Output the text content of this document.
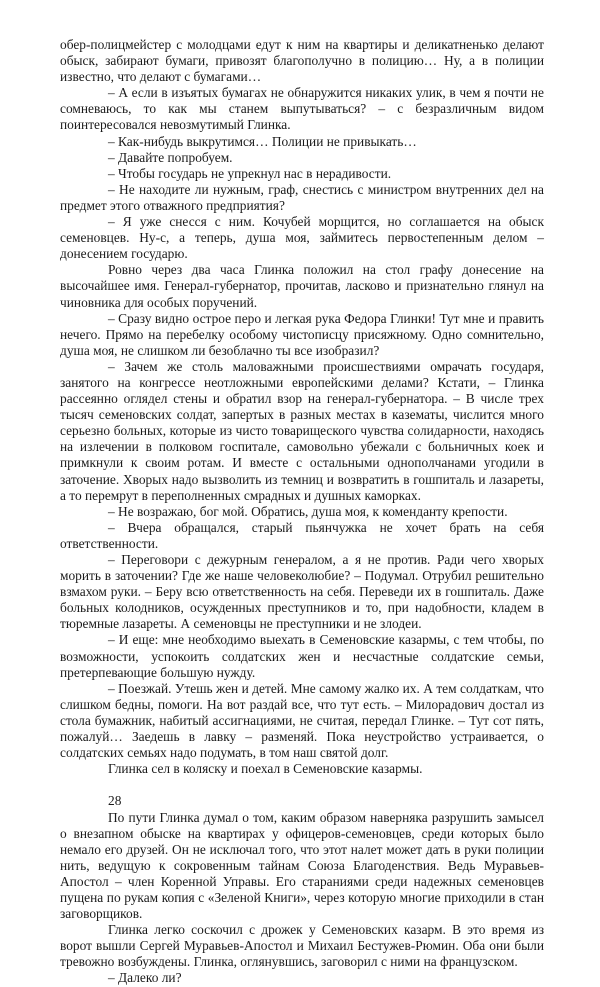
обер-полицмейстер с молодцами едут к ним на квартиры и деликатненько делают обыск, забирают бумаги, привозят благополучно в полицию… Ну, а в полиции известно, что делают с бумагами…

– А если в изъятых бумагах не обнаружится никаких улик, в чем я почти не сомневаюсь, то как мы станем выпутываться? – с безразличным видом поинтересовался невозмутимый Глинка.

– Как-нибудь выкрутимся… Полиции не привыкать…

– Давайте попробуем.

– Чтобы государь не упрекнул нас в нерадивости.

– Не находите ли нужным, граф, снестись с министром внутренних дел на предмет этого отважного предприятия?

– Я уже снесся с ним. Кочубей морщится, но соглашается на обыск семеновцев. Ну-с, а теперь, душа моя, займитесь первостепенным делом – донесением государю.

Ровно через два часа Глинка положил на стол графу донесение на высочайшее имя. Генерал-губернатор, прочитав, ласково и признательно глянул на чиновника для особых поручений.

– Сразу видно острое перо и легкая рука Федора Глинки! Тут мне и править нечего. Прямо на перебелку особому чистописцу присяжному. Одно сомнительно, душа моя, не слишком ли безоблачно ты все изобразил?

– Зачем же столь маловажными происшествиями омрачать государя, занятого на конгрессе неотложными европейскими делами? Кстати, – Глинка рассеянно оглядел стены и обратил взор на генерал-губернатора. – В числе трех тысяч семеновских солдат, запертых в разных местах в казематы, числится много серьезно больных, которые из чисто товарищеского чувства солидарности, находясь на излечении в полковом госпитале, самовольно убежали с больничных коек и примкнули к своим ротам. И вместе с остальными однополчанами угодили в заточение. Хворых надо вызволить из темниц и возвратить в гошпиталь и лазареты, а то перемрут в переполненных смрадных и душных каморках.

– Не возражаю, бог мой. Обратись, душа моя, к коменданту крепости.

– Вчера обращался, старый пьянчужка не хочет брать на себя ответственности.

– Переговори с дежурным генералом, а я не против. Ради чего хворых морить в заточении? Где же наше человеколюбие? – Подумал. Отрубил решительно взмахом руки. – Беру всю ответственность на себя. Переведи их в гошпиталь. Даже больных колодников, осужденных преступников и то, при надобности, кладем в тюремные лазареты. А семеновцы не преступники и не злодеи.

– И еще: мне необходимо выехать в Семеновские казармы, с тем чтобы, по возможности, успокоить солдатских жен и несчастные солдатские семьи, претерпевающие большую нужду.

– Поезжай. Утешь жен и детей. Мне самому жалко их. А тем солдаткам, что слишком бедны, помоги. На вот раздай все, что тут есть. – Милорадович достал из стола бумажник, набитый ассигнациями, не считая, передал Глинке. – Тут сот пять, пожалуй… Заедешь в лавку – разменяй. Пока неустройство устраивается, о солдатских семьях надо подумать, в том наш святой долг.

Глинка сел в коляску и поехал в Семеновские казармы.

28

По пути Глинка думал о том, каким образом наверняка разрушить замысел о внезапном обыске на квартирах у офицеров-семеновцев, среди которых было немало его друзей. Он не исключал того, что этот налет может дать в руки полиции нить, ведущую к сокровенным тайнам Союза Благоденствия. Ведь Муравьев-Апостол – член Коренной Управы. Его стараниями среди надежных семеновцев пущена по рукам копия с «Зеленой Книги», через которую многие приходили в стан заговорщиков.

Глинка легко соскочил с дрожек у Семеновских казарм. В это время из ворот вышли Сергей Муравьев-Апостол и Михаил Бестужев-Рюмин. Оба они были тревожно возбуждены. Глинка, оглянувшись, заговорил с ними на французском.

– Далеко ли?
